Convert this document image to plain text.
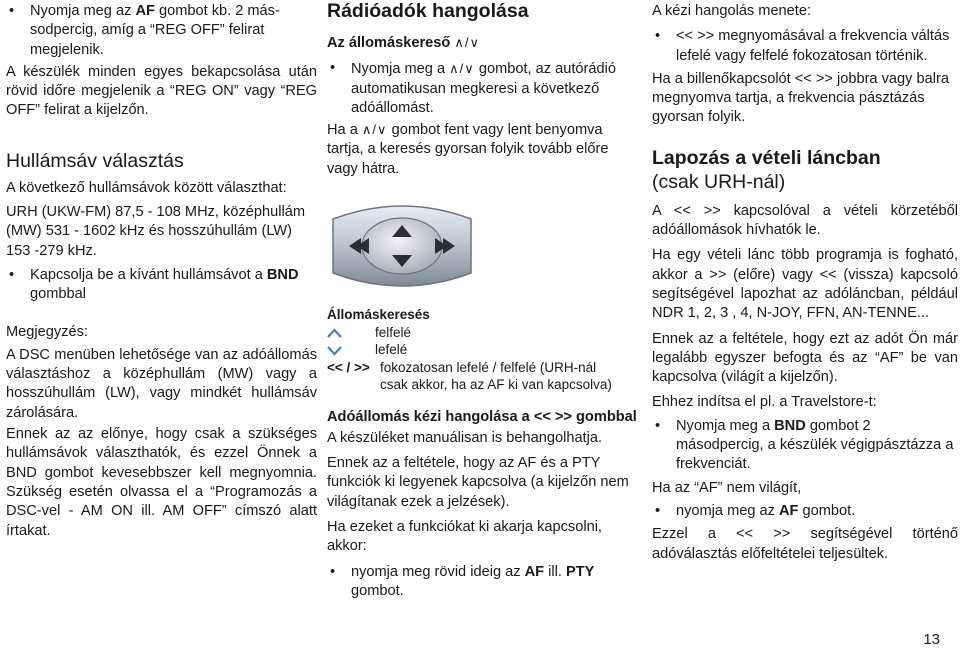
• Nyomja meg az AF gombot kb. 2 más-sodpercig, amíg a “REG OFF” felirat megjelenik.

A készülék minden egyes bekapcsolása után rövid időre megjelenik a “REG ON” vagy “REG OFF” felirat a kijelzőn.

Hullámsáv választás

A következő hullámsávok között választhat:

URH (UKW-FM) 87,5 - 108 MHz, középhullám (MW) 531 - 1602 kHz és hosszúhullám (LW) 153 -279 kHz.

• Kapcsolja be a kívánt hullámsávot a BND gombbal

Megjegyzés:

A DSC menüben lehetősége van az adóállomás választáshoz a középhullám (MW) vagy a hosszúhullám (LW), vagy mindkét hullámsáv zárolására.

Ennek az az előnye, hogy csak a szükséges hullámsávok választhatók, és ezzel Önnek a BND gombot kevesebbszer kell megnyomnia. Szükség esetén olvassa el a “Programozás a DSC-vel - AM ON ill. AM OFF” címszó alatt írtakat.

Rádióadók hangolása

Az állomáskereső ∧/∨

• Nyomja meg a ∧/∨ gombot, az autórádió automatikusan megkeresi a következő adóállomást.

Ha a ∧/∨ gombot fent vagy lent benyomva tartja, a keresés gyorsan folyik tovább előre vagy hátra.

Állomáskeresés

felfelé
lefelé
<< / >> fokozatosan lefelé / felfelé (URH-nál
csak akkor, ha az AF ki van kapcsolva)

Adóállomás kézi hangolása a << >> gombbal

A készüléket manuálisan is behangolhatja.

Ennek az a feltétele, hogy az AF és a PTY funkciók ki legyenek kapcsolva (a kijelzőn nem világítanak ezek a jelzések).

Ha ezeket a funkciókat ki akarja kapcsolni, akkor:

• nyomja meg rövid ideig az AF ill. PTY gombot.

A kézi hangolás menete:

• << >> megnyomásával a frekvencia váltás lefelé vagy felfelé fokozatosan történik.

Ha a billenőkapcsolót << >> jobbra vagy balra megnyomva tartja, a frekvencia pásztázás gyorsan folyik.

Lapozás a vételi láncban

(csak URH-nál)

A << >> kapcsolóval a vételi körzetéből adóállomások hívhatók le.

Ha egy vételi lánc több programja is fogható, akkor a >> (előre) vagy << (vissza) kapcsoló segítségével lapozhat az adóláncban, például NDR 1, 2, 3 , 4, N-JOY, FFN, AN-TENNE...

Ennek az a feltétele, hogy ezt az adót Ön már legalább egyszer befogta és az “AF” be van kapcsolva (világít a kijelzőn).

Ehhez indítsa el pl. a Travelstore-t:

• Nyomja meg a BND gombot 2 másodpercig, a készülék végigpásztázza a frekvenciát.

Ha az “AF” nem világít,

• nyomja meg az AF gombot.

Ezzel a << >> segítségével történő adóválasztás előfeltételei teljesültek.

13
